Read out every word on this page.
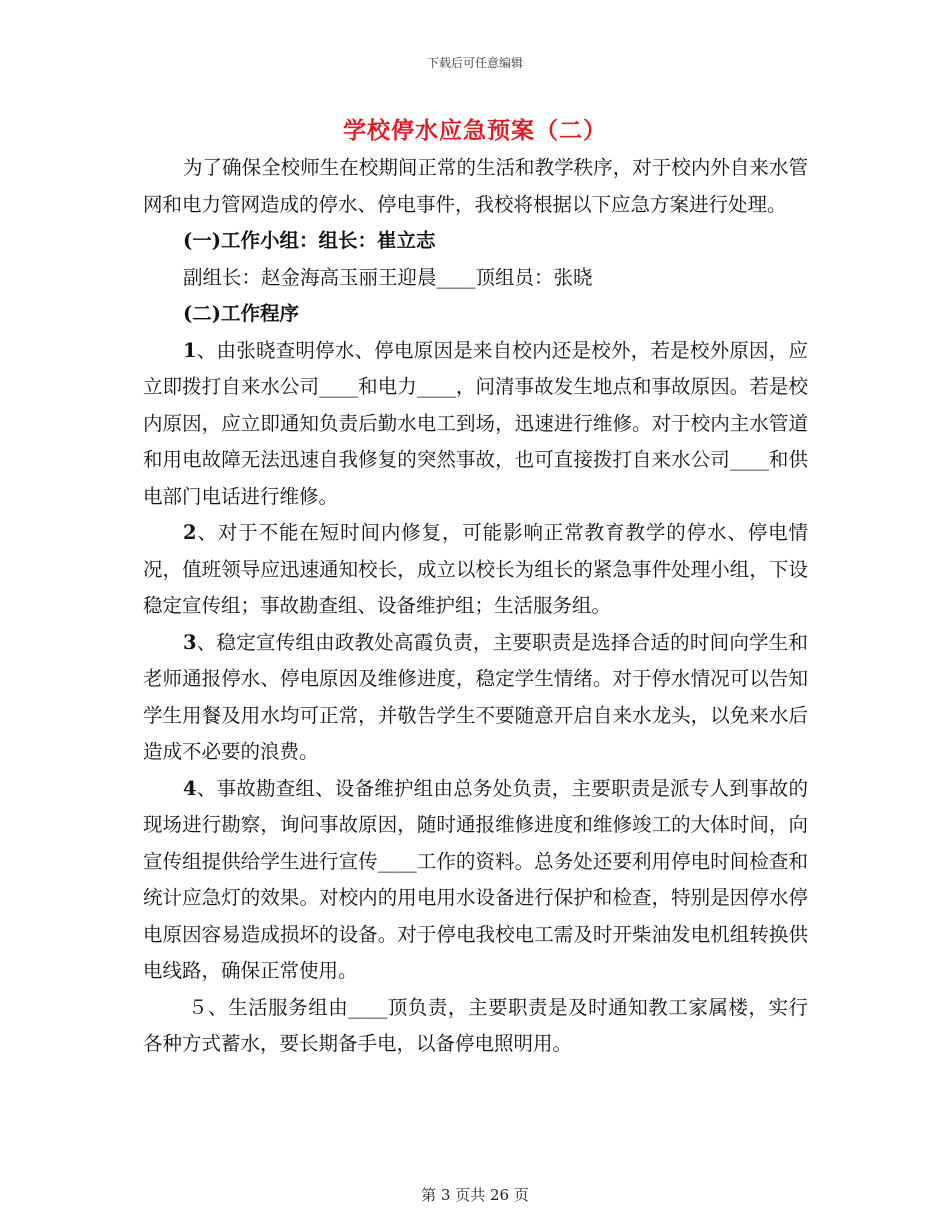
下载后可任意编辑
学校停水应急预案（二）

为了确保全校师生在校期间正常的生活和教学秩序，对于校内外自来水管网和电力管网造成的停水、停电事件，我校将根据以下应急方案进行处理。

(一)工作小组：组长：崔立志

副组长：赵金海高玉丽王迎晨____顶组员：张晓

(二)工作程序

1、由张晓查明停水、停电原因是来自校内还是校外，若是校外原因，应立即拨打自来水公司____和电力____，问清事故发生地点和事故原因。若是校内原因，应立即通知负责后勤水电工到场，迅速进行维修。对于校内主水管道和用电故障无法迅速自我修复的突然事故，也可直接拨打自来水公司____和供电部门电话进行维修。

2、对于不能在短时间内修复，可能影响正常教育教学的停水、停电情况，值班领导应迅速通知校长，成立以校长为组长的紧急事件处理小组，下设稳定宣传组；事故勘查组、设备维护组；生活服务组。

3、稳定宣传组由政教处高霞负责，主要职责是选择合适的时间向学生和老师通报停水、停电原因及维修进度，稳定学生情绪。对于停水情况可以告知学生用餐及用水均可正常，并敬告学生不要随意开启自来水龙头，以免来水后造成不必要的浪费。

4、事故勘查组、设备维护组由总务处负责，主要职责是派专人到事故的现场进行勘察，询问事故原因，随时通报维修进度和维修竣工的大体时间，向宣传组提供给学生进行宣传____工作的资料。总务处还要利用停电时间检查和统计应急灯的效果。对校内的用电用水设备进行保护和检查，特别是因停水停电原因容易造成损坏的设备。对于停电我校电工需及时开柴油发电机组转换供电线路，确保正常使用。

５、生活服务组由____顶负责，主要职责是及时通知教工家属楼，实行各种方式蓄水，要长期备手电，以备停电照明用。

第 3 页共 26 页
